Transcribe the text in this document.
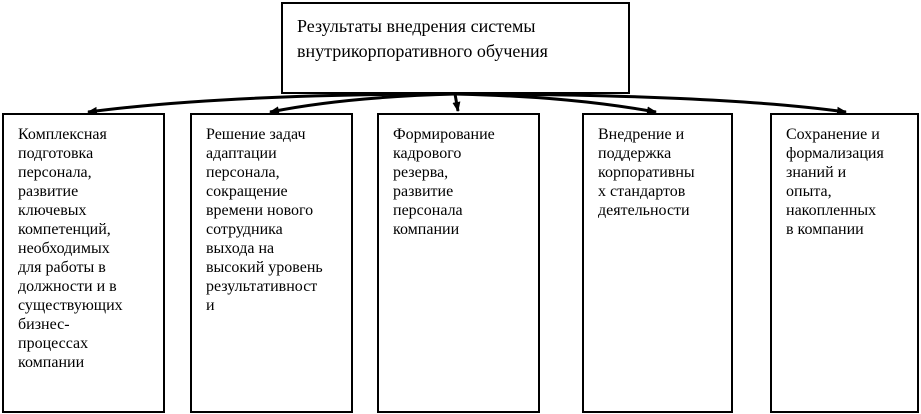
Результаты внедрения системы
внутрикорпоративного обучения
Комплексная
подготовка
персонала,
развитие
ключевых
компетенций,
необходимых
для работы в
должности и в
существующих
бизнес-
процессах
компании
Решение задач
адаптации
персонала,
сокращение
времени нового
сотрудника
выхода на
высокий уровень
результативност
и
Формирование
кадрового
резерва,
развитие
персонала
компании
Внедрение и
поддержка
корпоративны
х стандартов
деятельности
Сохранение и
формализация
знаний и
опыта,
накопленных
в компании
